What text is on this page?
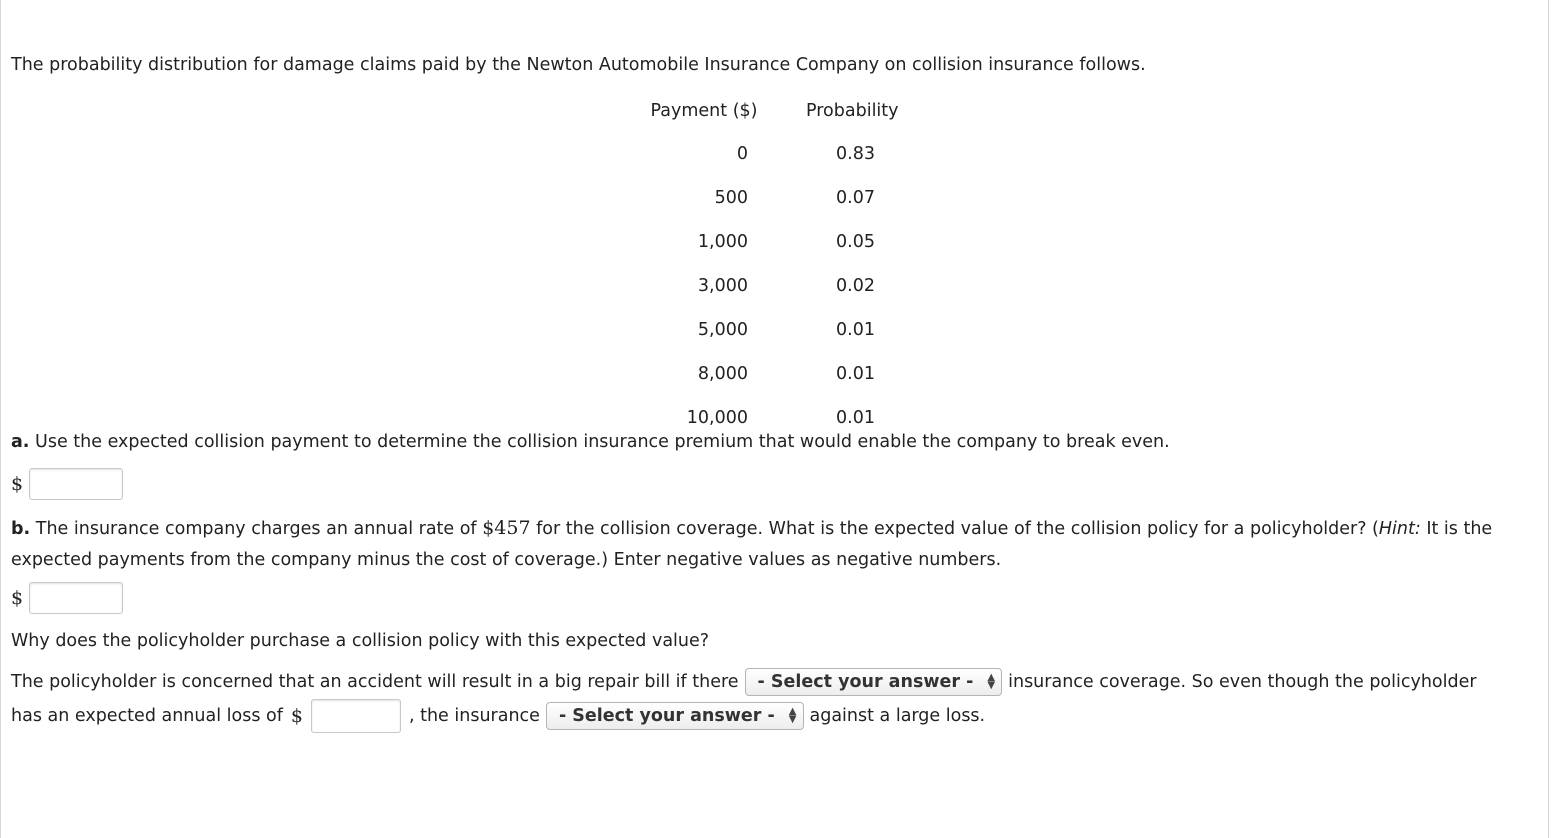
The probability distribution for damage claims paid by the Newton Automobile Insurance Company on collision insurance follows.

Payment ($)	Probability
0	0.83
500	0.07
1,000	0.05
3,000	0.02
5,000	0.01
8,000	0.01
10,000	0.01

a. Use the expected collision payment to determine the collision insurance premium that would enable the company to break even.

$

b. The insurance company charges an annual rate of $457 for the collision coverage. What is the expected value of the collision policy for a policyholder? (Hint: It is the expected payments from the company minus the cost of coverage.) Enter negative values as negative numbers.

$

Why does the policyholder purchase a collision policy with this expected value?

The policyholder is concerned that an accident will result in a big repair bill if there - Select your answer - ▲
▼ insurance coverage. So even though the policyholder
has an expected annual loss of $	, the insurance - Select your answer - ▲
▼ against a large loss.
